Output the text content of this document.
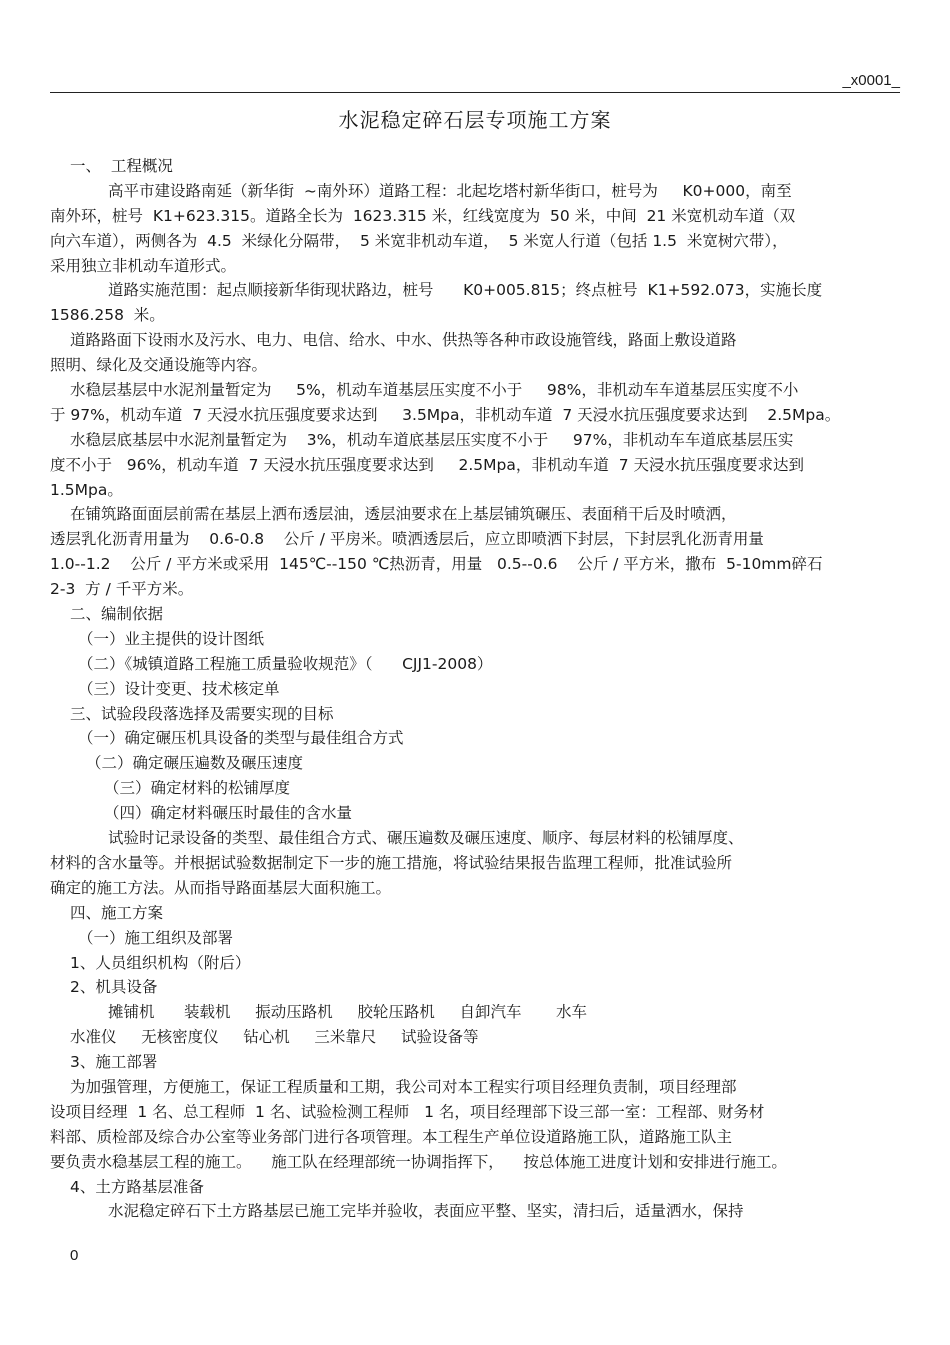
_x0001_
水泥稳定碎石层专项施工方案
一、  工程概况
高平市建设路南延（新华街  ~南外环）道路工程：北起圪塔村新华街口，桩号为     K0+000，南至
南外环，桩号  K1+623.315。道路全长为  1623.315 米，红线宽度为  50 米，中间  21 米宽机动车道（双
向六车道），两侧各为  4.5  米绿化分隔带，  5 米宽非机动车道，  5 米宽人行道（包括 1.5  米宽树穴带），
采用独立非机动车道形式。
道路实施范围：起点顺接新华街现状路边，桩号      K0+005.815；终点桩号  K1+592.073，实施长度
1586.258  米。
道路路面下设雨水及污水、电力、电信、给水、中水、供热等各种市政设施管线，路面上敷设道路
照明、绿化及交通设施等内容。
水稳层基层中水泥剂量暂定为     5%，机动车道基层压实度不小于     98%，非机动车车道基层压实度不小
于 97%，机动车道  7 天浸水抗压强度要求达到     3.5Mpa，非机动车道  7 天浸水抗压强度要求达到    2.5Mpa。
水稳层底基层中水泥剂量暂定为    3%，机动车道底基层压实度不小于     97%，非机动车车道底基层压实
度不小于   96%，机动车道  7 天浸水抗压强度要求达到     2.5Mpa，非机动车道  7 天浸水抗压强度要求达到
1.5Mpa。
在铺筑路面面层前需在基层上洒布透层油，透层油要求在上基层铺筑碾压、表面稍干后及时喷洒，
透层乳化沥青用量为    0.6-0.8    公斤 / 平房米。喷洒透层后，应立即喷洒下封层，下封层乳化沥青用量
1.0--1.2    公斤 / 平方米或采用  145℃--150 ℃热沥青，用量   0.5--0.6    公斤 / 平方米，撒布  5-10mm碎石
2-3  方 / 千平方米。
二、编制依据
（一）业主提供的设计图纸
（二）《城镇道路工程施工质量验收规范》（      CJJ1-2008）
（三）设计变更、技术核定单
三、试验段段落选择及需要实现的目标
（一）确定碾压机具设备的类型与最佳组合方式
（二）确定碾压遍数及碾压速度
（三）确定材料的松铺厚度
（四）确定材料碾压时最佳的含水量
试验时记录设备的类型、最佳组合方式、碾压遍数及碾压速度、顺序、每层材料的松铺厚度、
材料的含水量等。并根据试验数据制定下一步的施工措施，将试验结果报告监理工程师，批准试验所
确定的施工方法。从而指导路面基层大面积施工。
四、施工方案
（一）施工组织及部署
1、人员组织机构（附后）
2、机具设备
摊铺机      装载机     振动压路机     胶轮压路机     自卸汽车       水车
水准仪     无核密度仪     钻心机     三米靠尺     试验设备等
3、施工部署
为加强管理，方便施工，保证工程质量和工期，我公司对本工程实行项目经理负责制，项目经理部
设项目经理  1 名、总工程师  1 名、试验检测工程师   1 名，项目经理部下设三部一室：工程部、财务材
料部、质检部及综合办公室等业务部门进行各项管理。本工程生产单位设道路施工队，道路施工队主
要负责水稳基层工程的施工。    施工队在经理部统一协调指挥下，    按总体施工进度计划和安排进行施工。
4、土方路基层准备
水泥稳定碎石下土方路基层已施工完毕并验收，表面应平整、坚实，清扫后，适量洒水，保持
0
